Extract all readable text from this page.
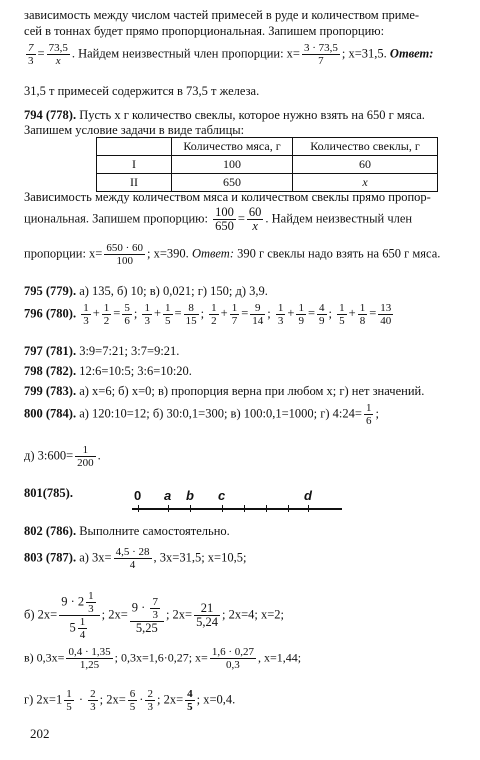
зависимость между числом частей примесей в руде и количеством приме-
сей в тоннах будет прямо пропорциональная. Запишем пропорцию:
$\frac{7}{3} = \frac{73,5}{x}$ . Найдем неизвестный член пропорции: $x= \frac{3 \cdot 73,5}{7}$ ; x=31,5. Ответ:
31,5 т примесей содержится в 73,5 т железа.
794 (778). Пусть x г количество свеклы, которое нужно взять на 650 г мяса.
Запишем условие задачи в виде таблицы:
	Количество мяса, г	Количество свеклы, г
I	100	60
II	650	x
Зависимость между количеством мяса и количеством свеклы прямо пропор-
циональная. Запишем пропорцию: $\frac{100}{650} = \frac{60}{x}$ . Найдем неизвестный член
пропорции: $x= \frac{650 \cdot 60}{100}$ ; x=390. Ответ: 390 г свеклы надо взять на 650 г мяса.
795 (779). а) 135, б) 10; в) 0,021; г) 150; д) 3,9.
796 (780). $\frac{1}{3} + \frac{1}{2} = \frac{5}{6}$ ; $\frac{1}{3} + \frac{1}{5} = \frac{8}{15}$ ; $\frac{1}{2} + \frac{1}{7} = \frac{9}{14}$ ; $\frac{1}{3} + \frac{1}{9} = \frac{4}{9}$ ; $\frac{1}{5} + \frac{1}{8} = \frac{13}{40}$
797 (781). 3:9=7:21; 3:7=9:21.
798 (782). 12:6=10:5; 3:6=10:20.
799 (783). а) x=6; б) x=0; в) пропорция верна при любом x; г) нет значений.
800 (784). а) 120:10=12; б) 30:0,1=300; в) 100:0,1=1000; г) 4:24= $\frac{1}{6}$ ;
д) 3:600= $\frac{1}{200}$ .
801(785).	0 a b c	d
802 (786). Выполните самостоятельно.
803 (787). а) $3x= \frac{4,5 \cdot 28}{4}$ , 3x=31,5; x=10,5;
б) $2x= \frac{9 \cdot 2 \frac{1}{3}}{5 \frac{1}{4}}$ ; $2x= \frac{9 \cdot \frac{7}{3}}{5,25}$ ; $2x= \frac{21}{5,24}$ ; 2x=4; x=2;
в) $0,3x= \frac{0,4 \cdot 1,35}{1,25}$ ; 0,3x=1,6·0,27; $x= \frac{1,6 \cdot 0,27}{0,3}$ , x=1,44;
г) $2x=1 \frac{1}{5} \cdot \frac{2}{3}$ ; $2x= \frac{6}{5} \cdot \frac{2}{3}$ ; $2x= \frac{4}{5}$ ; x=0,4.
202
